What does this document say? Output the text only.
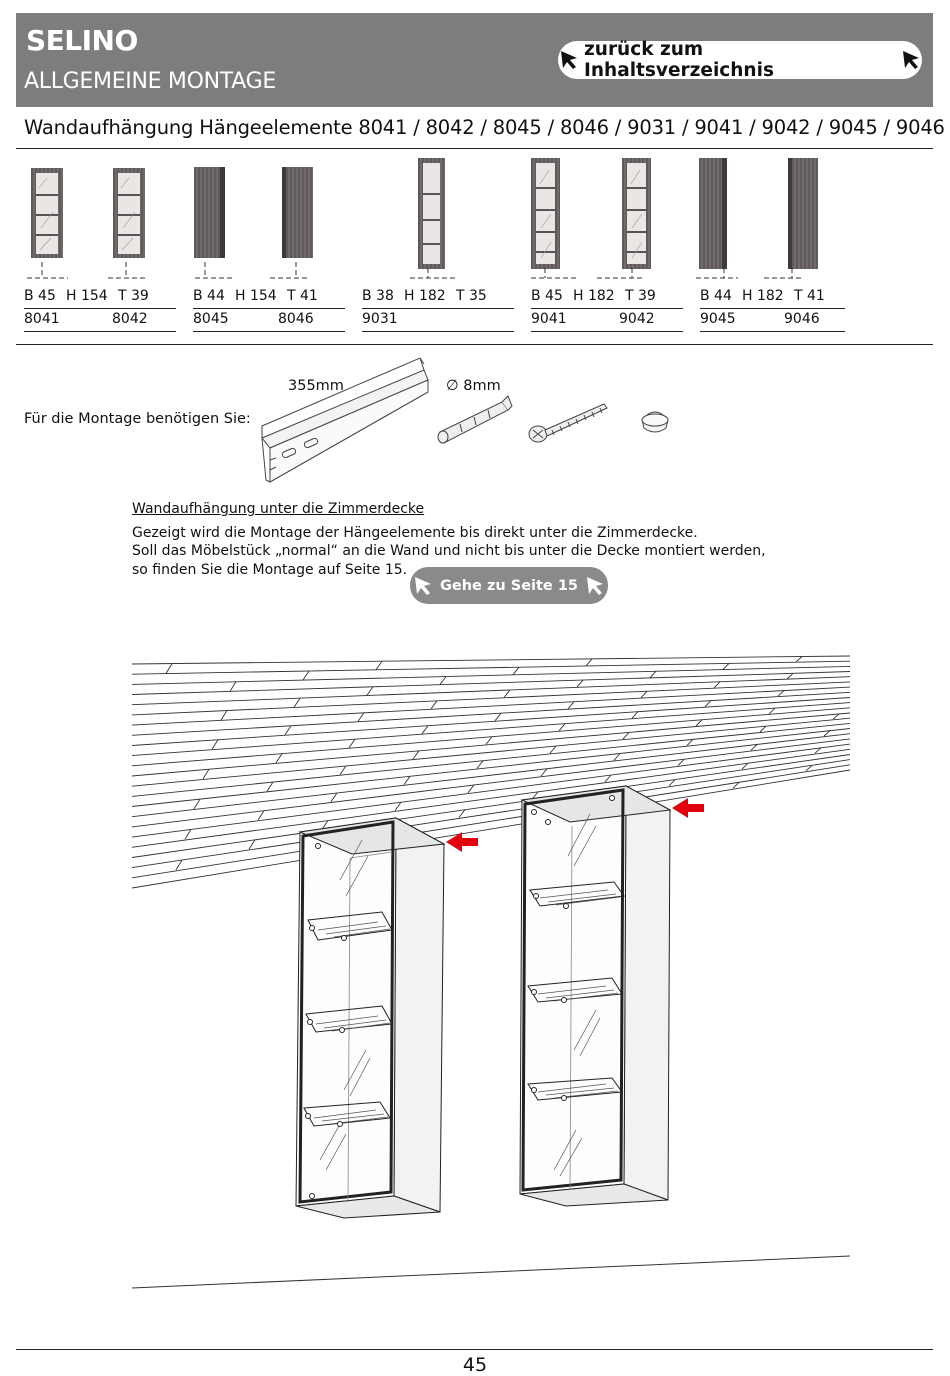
SELINO
ALLGEMEINE MONTAGE
zurück zum Inhaltsverzeichnis
Wandaufhängung Hängeelemente 8041 / 8042 / 8045 / 8046 / 9031 / 9041 / 9042 / 9045 / 9046
B 45 H 154 T 39
8041	8042
B 44 H 154 T 41
8045	8046
B 38 H 182 T 35
9031
B 45 H 182 T 39
9041	9042
B 44 H 182 T 41
9045	9046
Für die Montage benötigen Sie:
355mm	∅ 8mm
Wandaufhängung unter die Zimmerdecke
Gezeigt wird die Montage der Hängeelemente bis direkt unter die Zimmerdecke.
Soll das Möbelstück „normal“ an die Wand und nicht bis unter die Decke montiert werden,
so finden Sie die Montage auf Seite 15.
Gehe zu Seite 15
45
